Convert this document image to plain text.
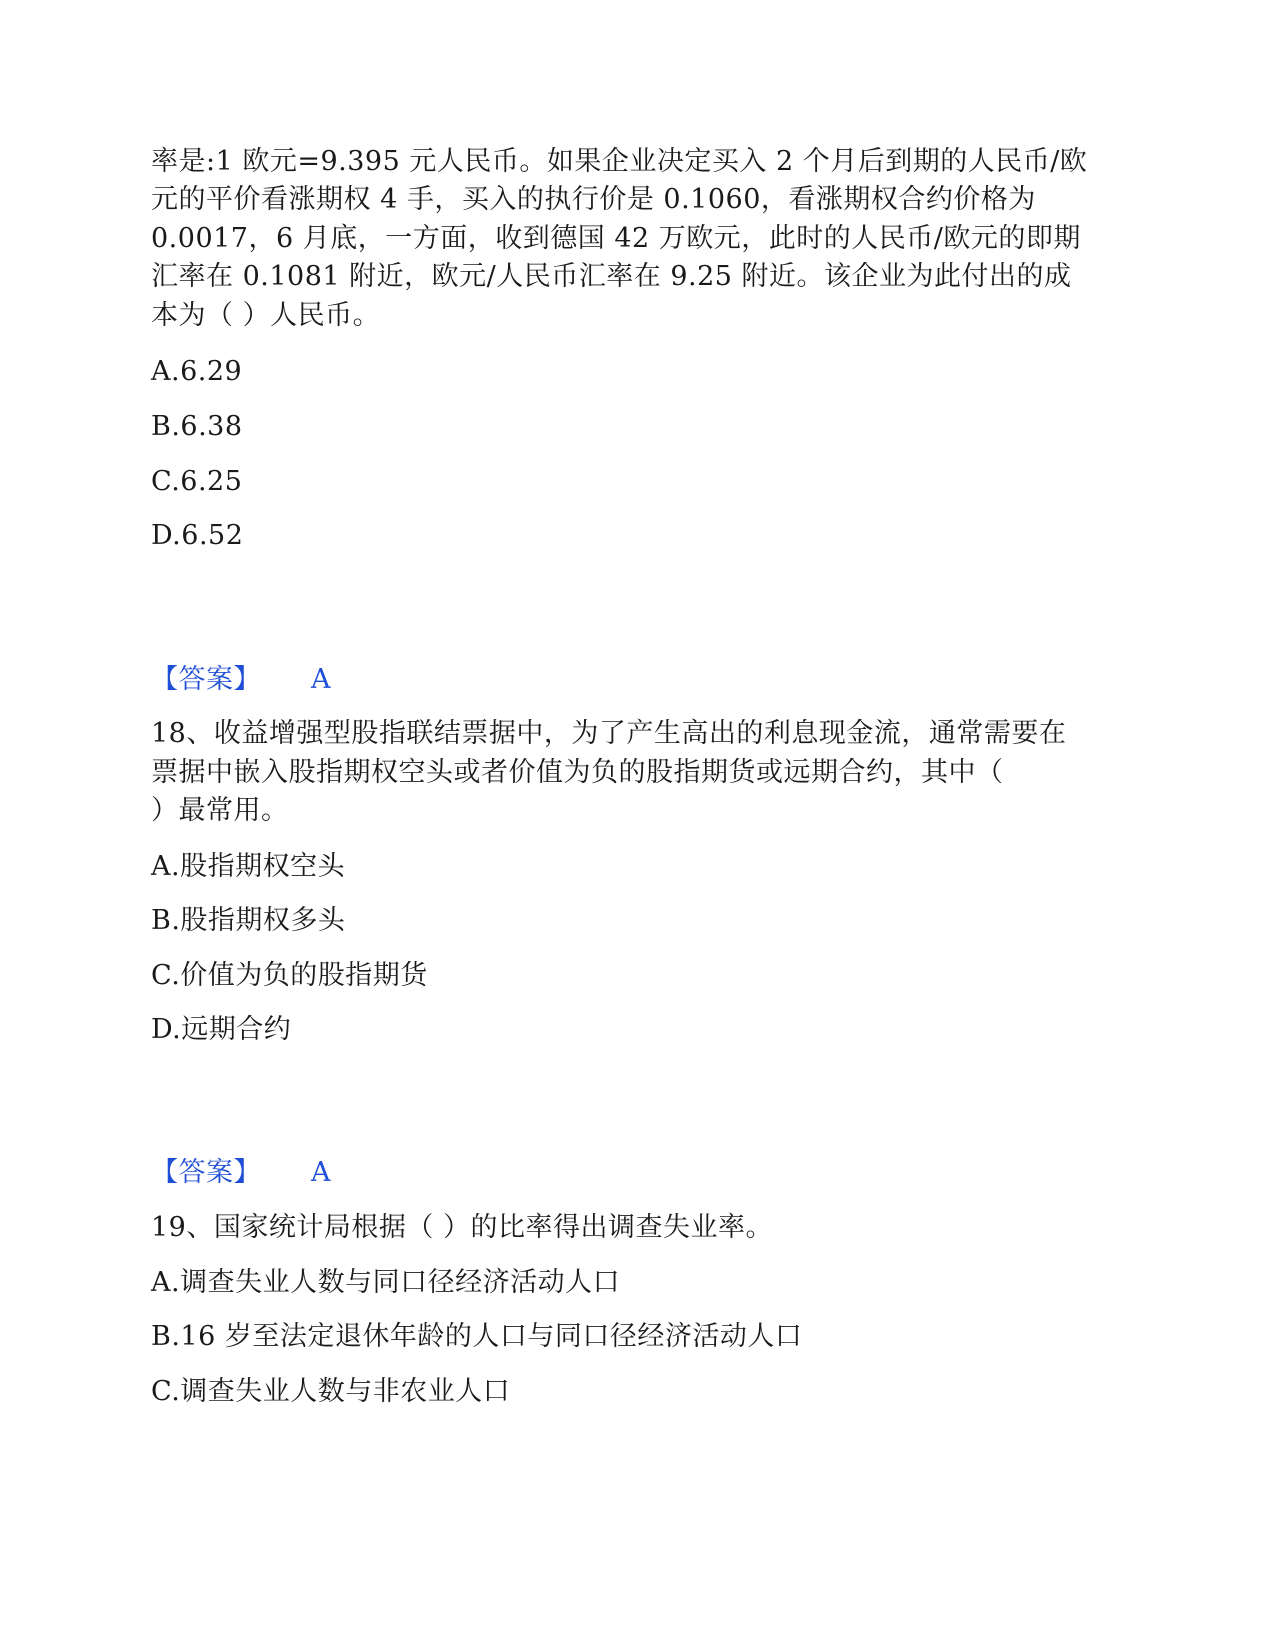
率是:1 欧元=9.395 元人民币。如果企业决定买入 2 个月后到期的人民币/欧
元的平价看涨期权 4 手，买入的执行价是 0.1060，看涨期权合约价格为
0.0017，6 月底，一方面，收到德国 42 万欧元，此时的人民币/欧元的即期
汇率在 0.1081 附近，欧元/人民币汇率在 9.25 附近。该企业为此付出的成
本为（ ）人民币。
A.6.29
B.6.38
C.6.25
D.6.52
【答案】 A
18、收益增强型股指联结票据中，为了产生高出的利息现金流，通常需要在
票据中嵌入股指期权空头或者价值为负的股指期货或远期合约，其中（
）最常用。
A.股指期权空头
B.股指期权多头
C.价值为负的股指期货
D.远期合约
【答案】 A
19、国家统计局根据（ ）的比率得出调查失业率。
A.调查失业人数与同口径经济活动人口
B.16 岁至法定退休年龄的人口与同口径经济活动人口
C.调查失业人数与非农业人口
